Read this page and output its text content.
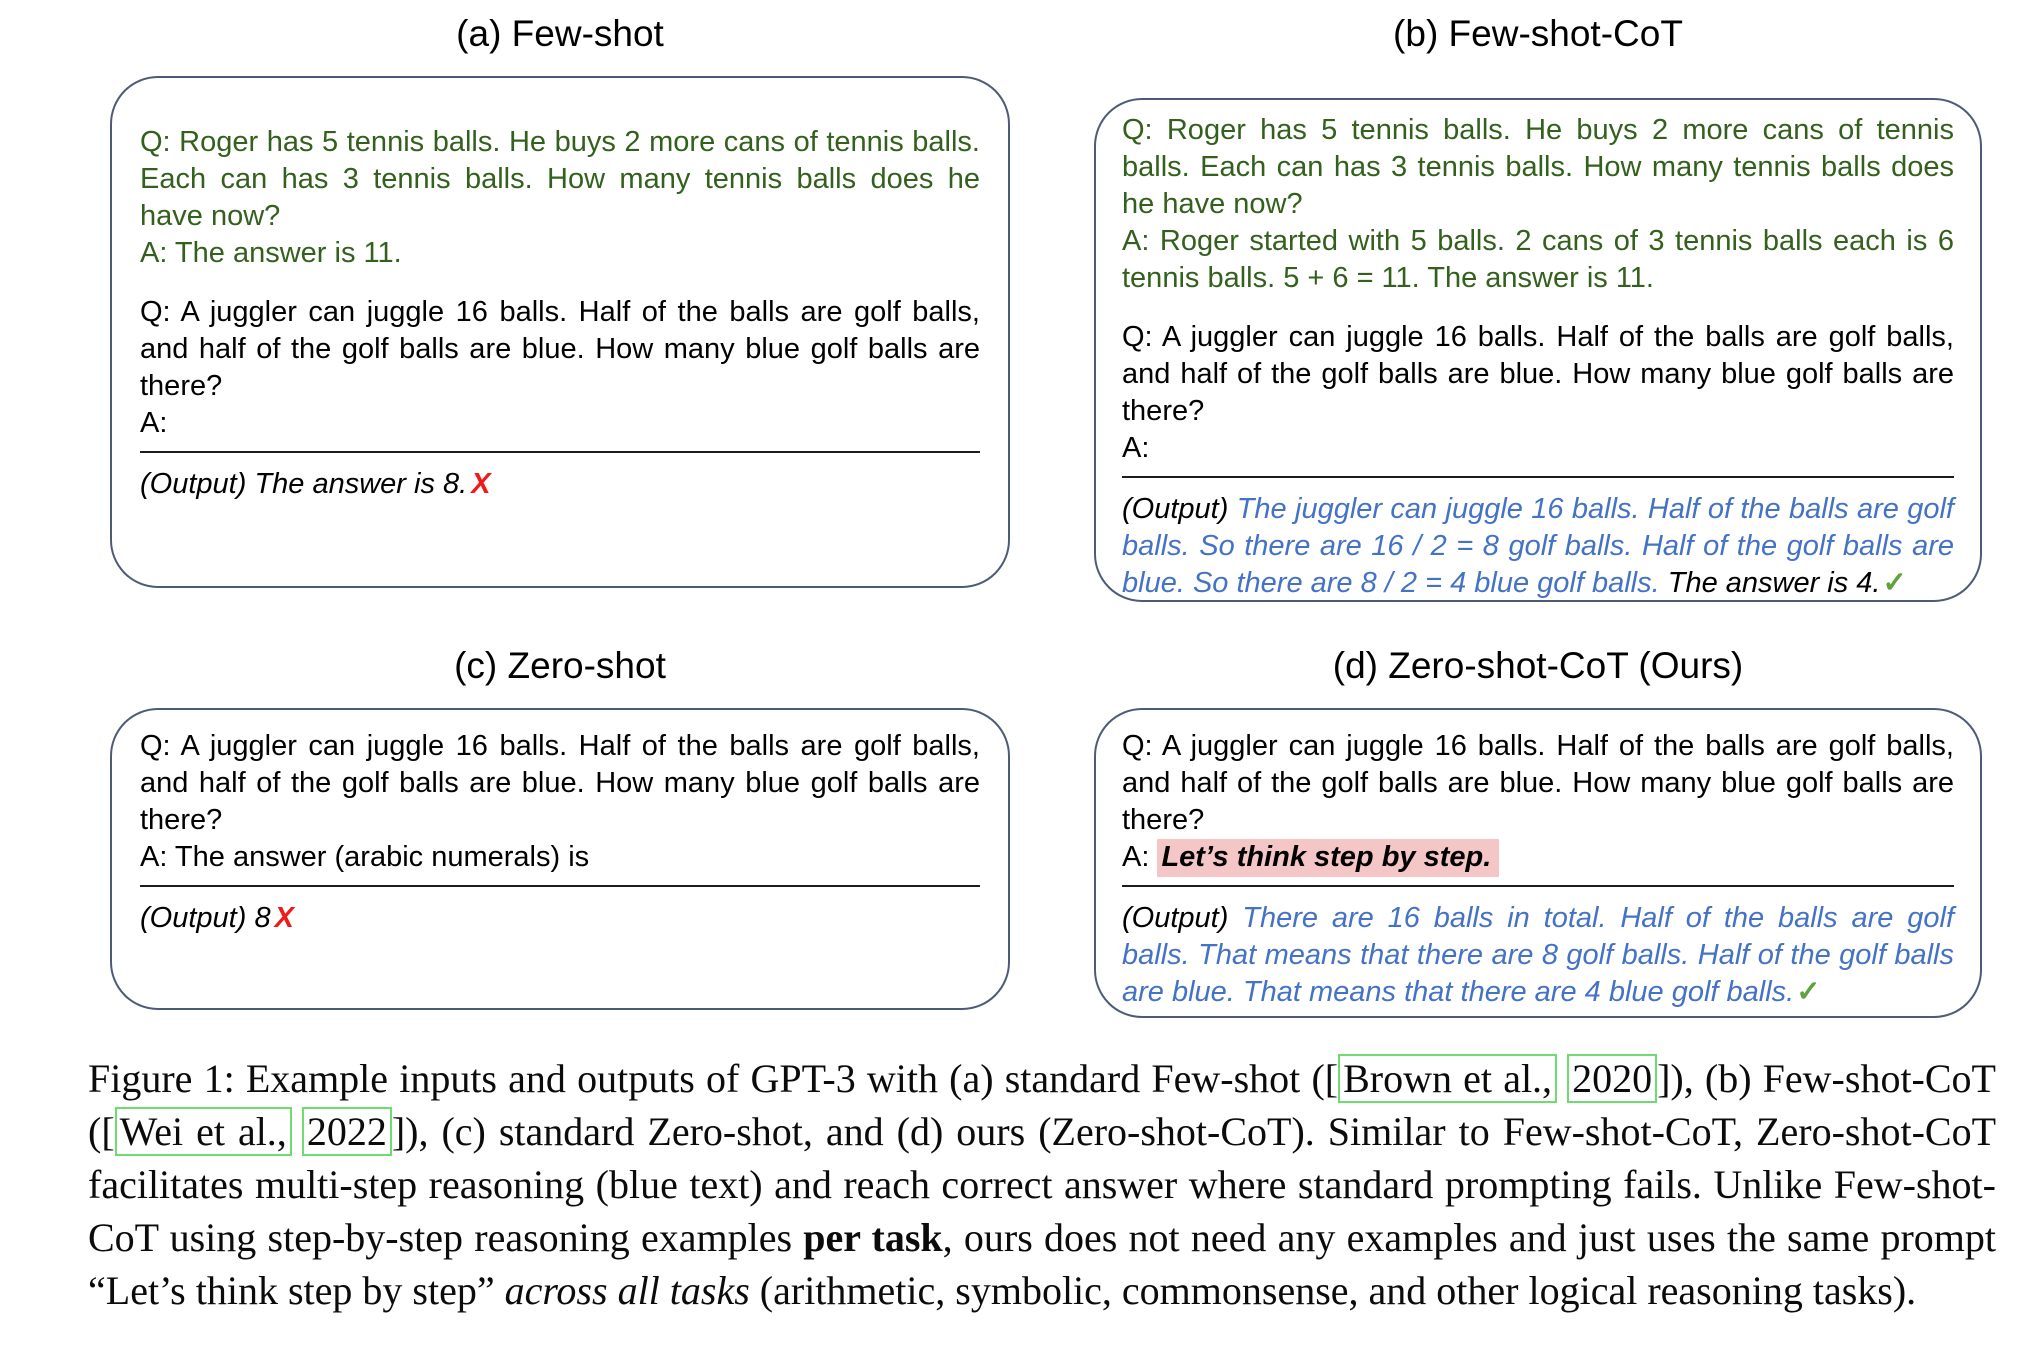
(a) Few-shot

Q: Roger has 5 tennis balls. He buys 2 more cans of tennis balls. Each can has 3 tennis balls. How many tennis balls does he have now?

A: The answer is 11.

Q: A juggler can juggle 16 balls. Half of the balls are golf balls, and half of the golf balls are blue. How many blue golf balls are there?

A:

(Output) The answer is 8. X

(b) Few-shot-CoT

Q: Roger has 5 tennis balls. He buys 2 more cans of tennis balls. Each can has 3 tennis balls. How many tennis balls does he have now?

A: Roger started with 5 balls. 2 cans of 3 tennis balls each is 6 tennis balls. 5 + 6 = 11. The answer is 11.

Q: A juggler can juggle 16 balls. Half of the balls are golf balls, and half of the golf balls are blue. How many blue golf balls are there?

A:

(Output) The juggler can juggle 16 balls. Half of the balls are golf balls. So there are 16 / 2 = 8 golf balls. Half of the golf balls are blue. So there are 8 / 2 = 4 blue golf balls. The answer is 4.✓

(c) Zero-shot

Q: A juggler can juggle 16 balls. Half of the balls are golf balls, and half of the golf balls are blue. How many blue golf balls are there?

A: The answer (arabic numerals) is

(Output) 8 X

(d) Zero-shot-CoT (Ours)

Q: A juggler can juggle 16 balls. Half of the balls are golf balls, and half of the golf balls are blue. How many blue golf balls are there?

A: Let’s think step by step.

(Output) There are 16 balls in total. Half of the balls are golf balls. That means that there are 8 golf balls. Half of the golf balls are blue. That means that there are 4 blue golf balls.✓

Figure 1: Example inputs and outputs of GPT-3 with (a) standard Few-shot ([ Brown et al., 2020 ]), (b) Few-shot-CoT ([ Wei et al., 2022 ]), (c) standard Zero-shot, and (d) ours (Zero-shot-CoT). Similar to Few-shot-CoT, Zero-shot-CoT facilitates multi-step reasoning (blue text) and reach correct answer where standard prompting fails. Unlike Few-shot-CoT using step-by-step reasoning examples per task, ours does not need any examples and just uses the same prompt “Let’s think step by step” across all tasks (arithmetic, symbolic, commonsense, and other logical reasoning tasks).
